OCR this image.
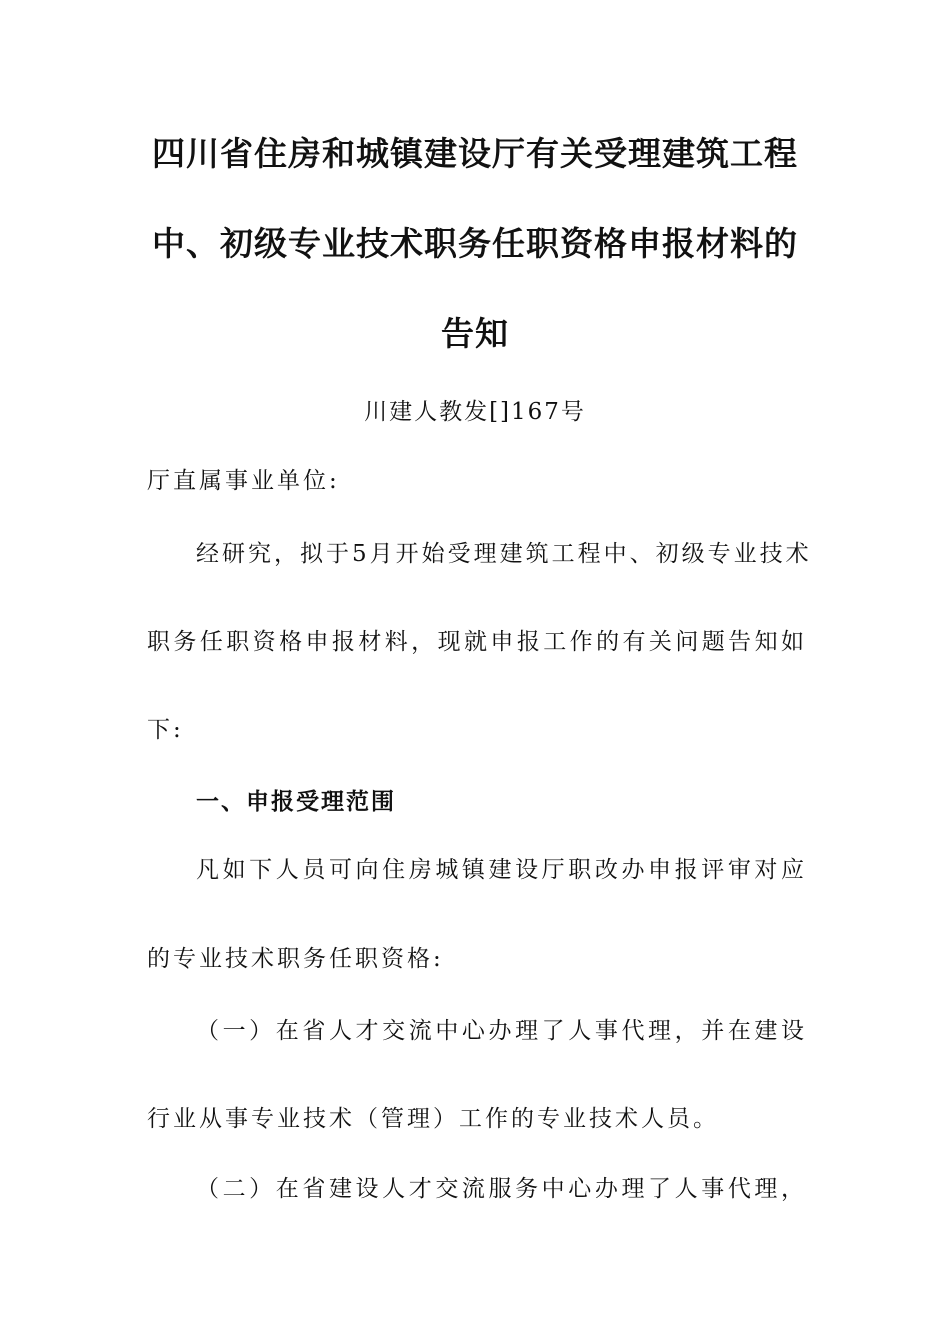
四川省住房和城镇建设厅有关受理建筑工程
中、初级专业技术职务任职资格申报材料的
告知
川建人教发[]167号
厅直属事业单位:
经研究，拟于5月开始受理建筑工程中、初级专业技术
职务任职资格申报材料，现就申报工作的有关问题告知如
下:
一、申报受理范围
凡如下人员可向住房城镇建设厅职改办申报评审对应
的专业技术职务任职资格:
（一）在省人才交流中心办理了人事代理，并在建设
行业从事专业技术（管理）工作的专业技术人员。
（二）在省建设人才交流服务中心办理了人事代理，
